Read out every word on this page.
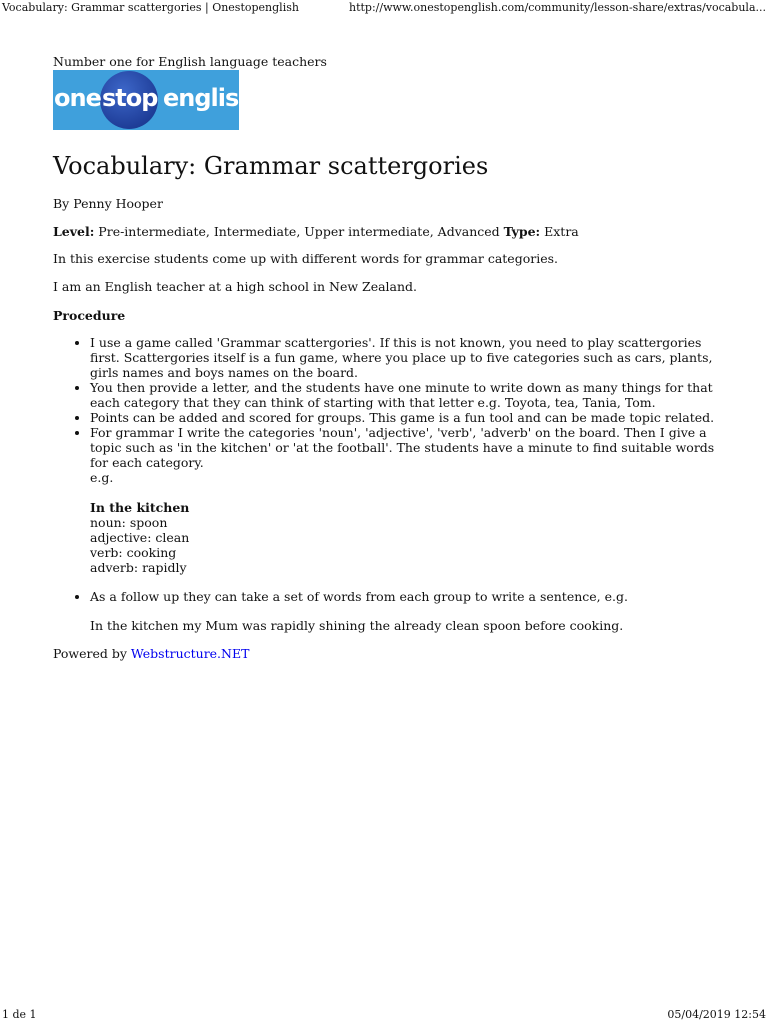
Vocabulary: Grammar scattergories | Onestopenglish	http://www.onestopenglish.com/community/lesson-share/extras/vocabula...

Number one for English language teachers

one stop english
Vocabulary: Grammar scattergories

By Penny Hooper

Level: Pre-intermediate, Intermediate, Upper intermediate, Advanced Type: Extra

In this exercise students come up with different words for grammar categories.

I am an English teacher at a high school in New Zealand.

Procedure
• I use a game called 'Grammar scattergories'. If this is not known, you need to play scattergories first. Scattergories itself is a fun game, where you place up to five categories such as cars, plants, girls names and boys names on the board.
• You then provide a letter, and the students have one minute to write down as many things for that each category that they can think of starting with that letter e.g. Toyota, tea, Tania, Tom.
• Points can be added and scored for groups. This game is a fun tool and can be made topic related.
• For grammar I write the categories 'noun', 'adjective', 'verb', 'adverb' on the board. Then I give a topic such as 'in the kitchen' or 'at the football'. The students have a minute to find suitable words for each category.
e.g.
In the kitchen
noun: spoon
adjective: clean
verb: cooking
adverb: rapidly
• As a follow up they can take a set of words from each group to write a sentence, e.g.

In the kitchen my Mum was rapidly shining the already clean spoon before cooking.

Powered by Webstructure.NET

1 de 1	05/04/2019 12:54
